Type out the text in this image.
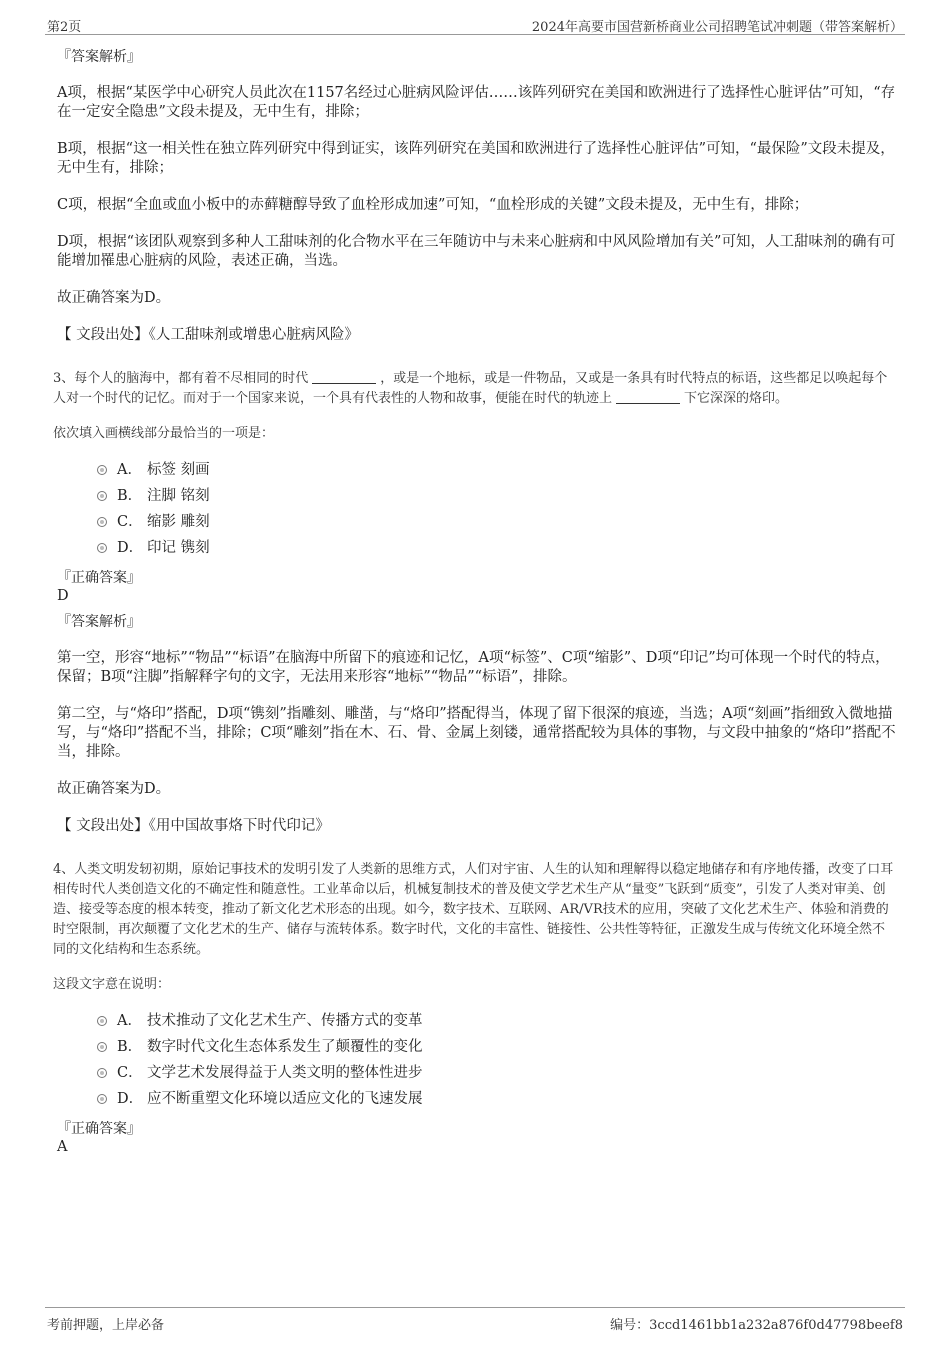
第2页	2024年高要市国营新桥商业公司招聘笔试冲刺题（带答案解析）
『答案解析』

A项，根据“某医学中心研究人员此次在1157名经过心脏病风险评估……该阵列研究在美国和欧洲进行了选择性心脏评估”可知，“存在一定安全隐患”文段未提及，无中生有，排除；

B项，根据“这一相关性在独立阵列研究中得到证实，该阵列研究在美国和欧洲进行了选择性心脏评估”可知，“最保险”文段未提及，无中生有，排除；

C项，根据“全血或血小板中的赤藓糖醇导致了血栓形成加速”可知，“血栓形成的关键”文段未提及，无中生有，排除；

D项，根据“该团队观察到多种人工甜味剂的化合物水平在三年随访中与未来心脏病和中风风险增加有关”可知，人工甜味剂的确有可能增加罹患心脏病的风险，表述正确，当选。

故正确答案为D。

【 文段出处】《人工甜味剂或增患心脏病风险》

3、每个人的脑海中，都有着不尽相同的时代	，或是一个地标，或是一件物品，又或是一条具有时代特点的标语，这些都足以唤起每个人对一个时代的记忆。而对于一个国家来说，一个具有代表性的人物和故事，便能在时代的轨迹上	下它深深的烙印。
依次填入画横线部分最恰当的一项是：
A． 标签 刻画
B． 注脚 铭刻
C． 缩影 雕刻
D． 印记 镌刻
『正确答案』

D

『答案解析』

第一空，形容“地标”“物品”“标语”在脑海中所留下的痕迹和记忆，A项“标签”、C项“缩影”、D项“印记”均可体现一个时代的特点，保留；B项“注脚”指解释字句的文字，无法用来形容“地标”“物品”“标语”，排除。

第二空，与“烙印”搭配，D项“镌刻”指雕刻、雕凿，与“烙印”搭配得当，体现了留下很深的痕迹，当选；A项“刻画”指细致入微地描写，与“烙印”搭配不当，排除；C项“雕刻”指在木、石、骨、金属上刻镂，通常搭配较为具体的事物，与文段中抽象的“烙印”搭配不当，排除。

故正确答案为D。

【 文段出处】《用中国故事烙下时代印记》

4、人类文明发轫初期，原始记事技术的发明引发了人类新的思维方式，人们对宇宙、人生的认知和理解得以稳定地储存和有序地传播，改变了口耳相传时代人类创造文化的不确定性和随意性。工业革命以后，机械复制技术的普及使文学艺术生产从“量变”飞跃到“质变”，引发了人类对审美、创造、接受等态度的根本转变，推动了新文化艺术形态的出现。如今，数字技术、互联网、AR/VR技术的应用，突破了文化艺术生产、体验和消费的时空限制，再次颠覆了文化艺术的生产、储存与流转体系。数字时代，文化的丰富性、链接性、公共性等特征，正激发生成与传统文化环境全然不同的文化结构和生态系统。
这段文字意在说明：
A． 技术推动了文化艺术生产、传播方式的变革
B． 数字时代文化生态体系发生了颠覆性的变化
C． 文学艺术发展得益于人类文明的整体性进步
D． 应不断重塑文化环境以适应文化的飞速发展
『正确答案』

A

考前押题，上岸必备	编号：3ccd1461bb1a232a876f0d47798beef8
